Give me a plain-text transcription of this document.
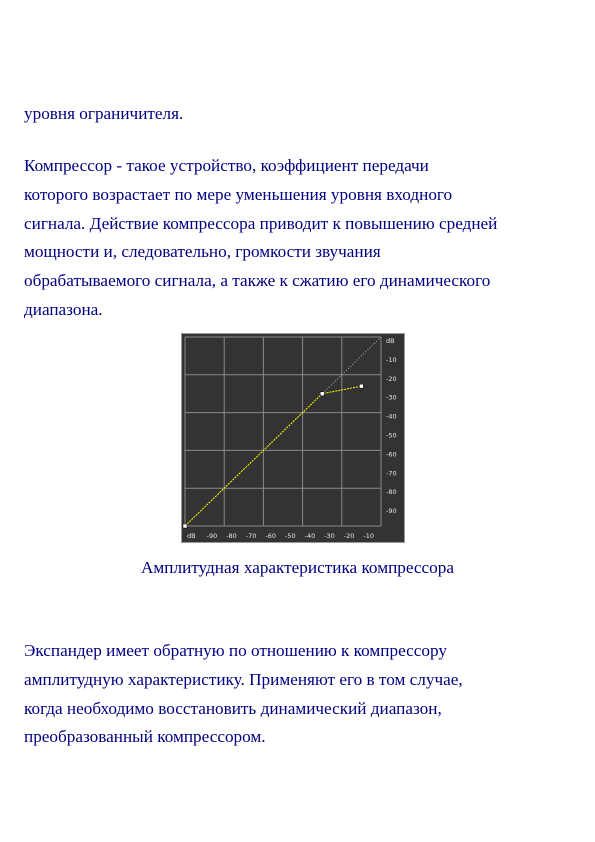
уровня ограничителя.

Компрессор - такое устройство, коэффициент передачи
которого возрастает по мере уменьшения уровня входного
сигнала. Действие компрессора приводит к повышению средней
мощности и, следовательно, громкости звучания
обрабатываемого сигнала, а также к сжатию его динамического
диапазона.

dB -90 -80 -70 -60 -50 -40 -30 -20 -10
dB
-10
-20
-30
-40
-50
-60
-70
-80
-90
Амплитудная характеристика компрессора

Экспандер имеет обратную по отношению к компрессору
амплитудную характеристику. Применяют его в том случае,
когда необходимо восстановить динамический диапазон,
преобразованный компрессором.
